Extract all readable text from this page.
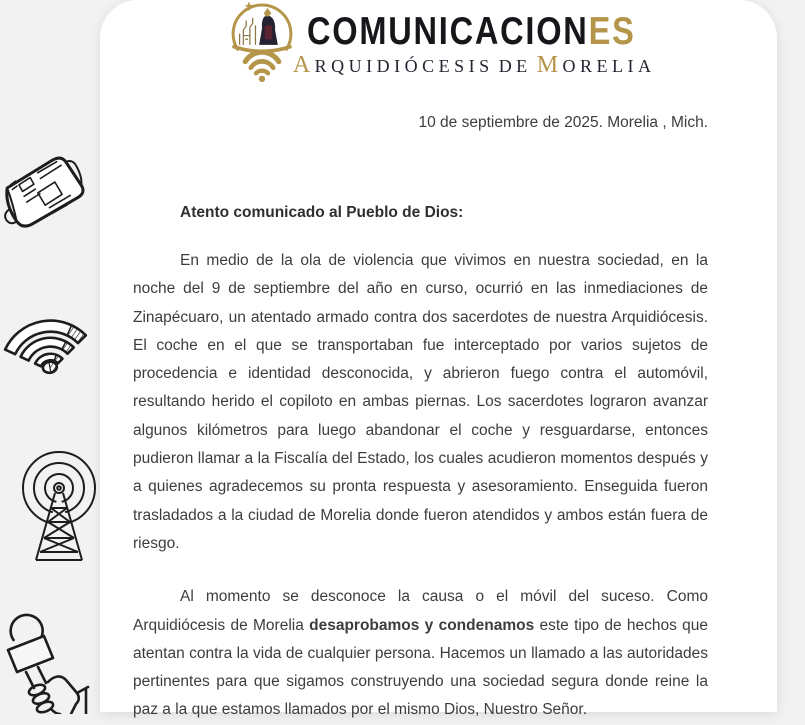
COMUNICACIONES
ARQUIDIÓCESIS DE MORELIA
10 de septiembre de 2025. Morelia , Mich.
Atento comunicado al Pueblo de Dios:

En medio de la ola de violencia que vivimos en nuestra sociedad, en la noche del 9 de septiembre del año en curso, ocurrió en las inmediaciones de Zinapécuaro, un atentado armado contra dos sacerdotes de nuestra Arquidiócesis. El coche en el que se transportaban fue interceptado por varios sujetos de procedencia e identidad desconocida, y abrieron fuego contra el automóvil, resultando herido el copiloto en ambas piernas. Los sacerdotes lograron avanzar algunos kilómetros para luego abandonar el coche y resguardarse, entonces pudieron llamar a la Fiscalía del Estado, los cuales acudieron momentos después y a quienes agradecemos su pronta respuesta y asesoramiento. Enseguida fueron trasladados a la ciudad de Morelia donde fueron atendidos y ambos están fuera de riesgo.

Al momento se desconoce la causa o el móvil del suceso. Como Arquidiócesis de Morelia desaprobamos y condenamos este tipo de hechos que atentan contra la vida de cualquier persona. Hacemos un llamado a las autoridades pertinentes para que sigamos construyendo una sociedad segura donde reine la paz a la que estamos llamados por el mismo Dios, Nuestro Señor.
